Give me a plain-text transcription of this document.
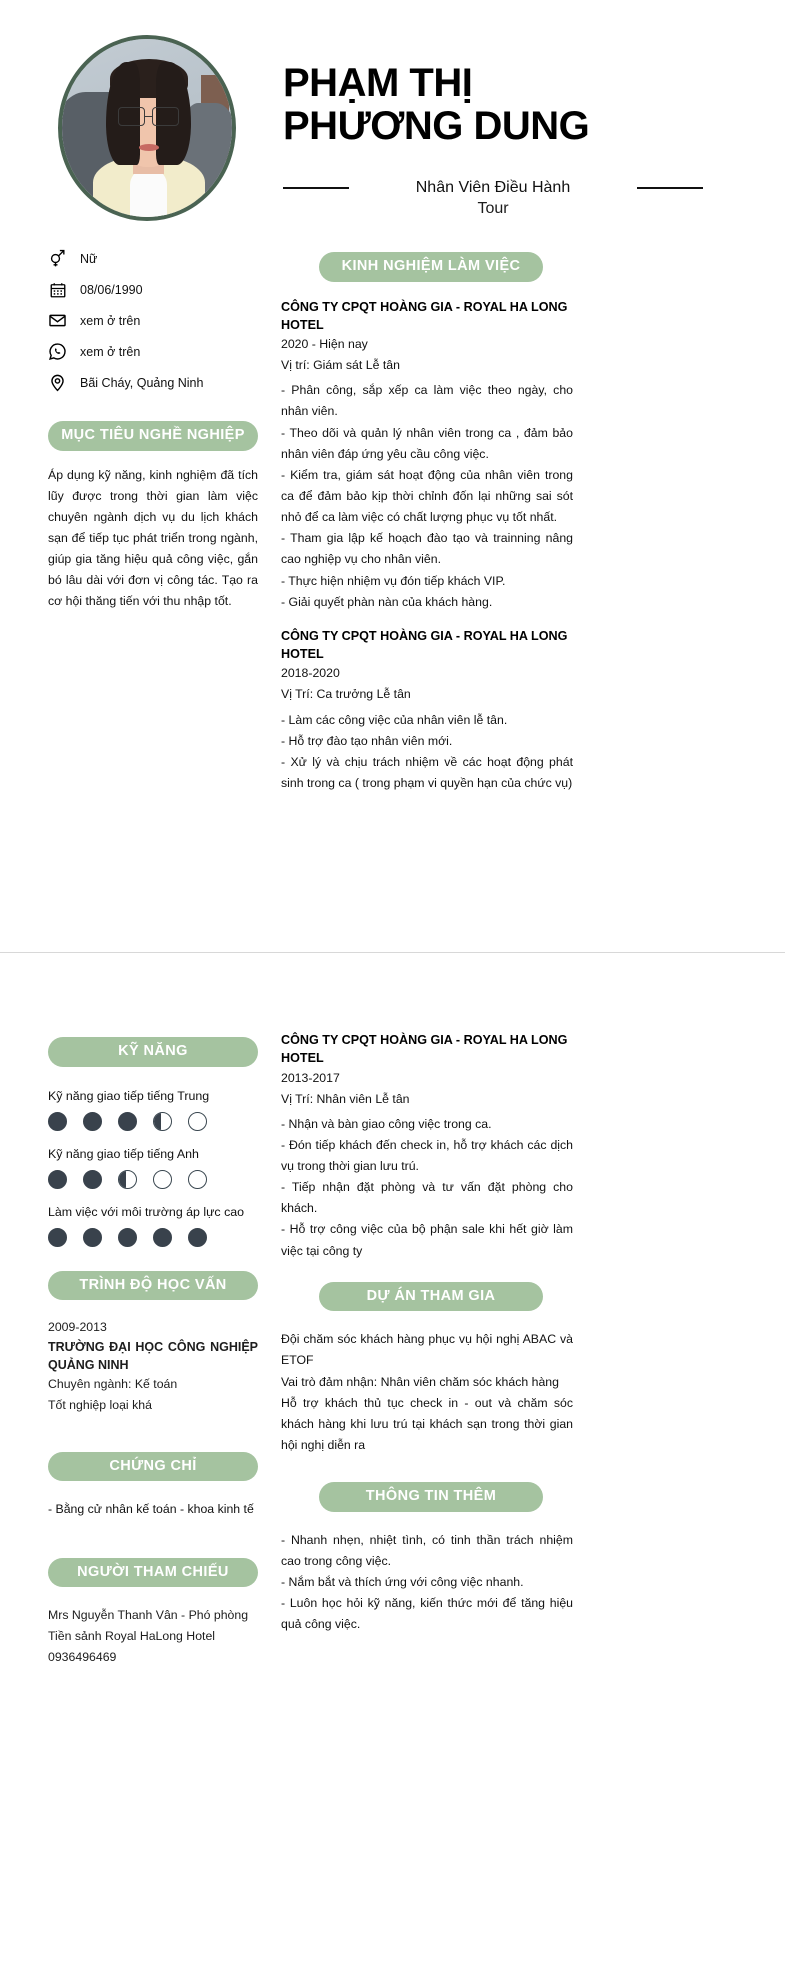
PHẠM THỊ
PHƯƠNG DUNG
Nhân Viên Điều Hành
Tour
Nữ
08/06/1990
xem ở trên
xem ở trên
Bãi Cháy, Quảng Ninh
MỤC TIÊU NGHỀ NGHIỆP
Áp dụng kỹ năng, kinh nghiệm đã tích lũy được trong thời gian làm việc chuyên ngành dịch vụ du lịch khách sạn để tiếp tục phát triển trong ngành, giúp gia tăng hiệu quả công việc, gắn bó lâu dài với đơn vị công tác. Tạo ra cơ hội thăng tiến với thu nhập tốt.
KINH NGHIỆM LÀM VIỆC
CÔNG TY CPQT HOÀNG GIA - ROYAL HA LONG HOTEL
2020 - Hiện nay
Vị trí: Giám sát Lễ tân

- Phân công, sắp xếp ca làm việc theo ngày, cho nhân viên.

- Theo dõi và quản lý nhân viên trong ca , đảm bảo nhân viên đáp ứng yêu cầu công việc.

- Kiểm tra, giám sát hoạt động của nhân viên trong ca để đảm bảo kịp thời chỉnh đốn lại những sai sót nhỏ để ca làm việc có chất lượng phục vụ tốt nhất.

- Tham gia lập kế hoạch đào tạo và trainning nâng cao nghiệp vụ cho nhân viên.

- Thực hiện nhiệm vụ đón tiếp khách VIP.

- Giải quyết phàn nàn của khách hàng.

CÔNG TY CPQT HOÀNG GIA - ROYAL HA LONG HOTEL
2018-2020
Vị Trí: Ca trưởng Lễ tân

- Làm các công việc của nhân viên lễ tân.

- Hỗ trợ đào tạo nhân viên mới.

- Xử lý và chịu trách nhiệm về các hoạt động phát sinh trong ca ( trong phạm vi quyền hạn của chức vụ)

KỸ NĂNG

Kỹ năng giao tiếp tiếng Trung

Kỹ năng giao tiếp tiếng Anh

Làm việc với môi trường áp lực cao

TRÌNH ĐỘ HỌC VẤN
2009-2013
TRƯỜNG ĐẠI HỌC CÔNG NGHIỆP QUẢNG NINH
Chuyên ngành: Kế toán
Tốt nghiệp loại khá
CHỨNG CHỈ
- Bằng cử nhân kế toán - khoa kinh tế
NGƯỜI THAM CHIẾU
Mrs Nguyễn Thanh Vân - Phó phòng
Tiền sảnh Royal HaLong Hotel
0936496469
CÔNG TY CPQT HOÀNG GIA - ROYAL HA LONG HOTEL
2013-2017
Vị Trí: Nhân viên Lễ tân

- Nhận và bàn giao công việc trong ca.

- Đón tiếp khách đến check in, hỗ trợ khách các dịch vụ trong thời gian lưu trú.

- Tiếp nhận đặt phòng và tư vấn đặt phòng cho khách.

- Hỗ trợ công việc của bộ phận sale khi hết giờ làm việc tại công ty

DỰ ÁN THAM GIA

Đội chăm sóc khách hàng phục vụ hội nghị ABAC và ETOF

Vai trò đảm nhận: Nhân viên chăm sóc khách hàng

Hỗ trợ khách thủ tục check in - out và chăm sóc khách hàng khi lưu trú tại khách sạn trong thời gian hội nghị diễn ra

THÔNG TIN THÊM

- Nhanh nhẹn, nhiệt tình, có tinh thần trách nhiệm cao trong công việc.

- Nắm bắt và thích ứng với công việc nhanh.

- Luôn học hỏi kỹ năng, kiến thức mới để tăng hiệu quả công việc.
